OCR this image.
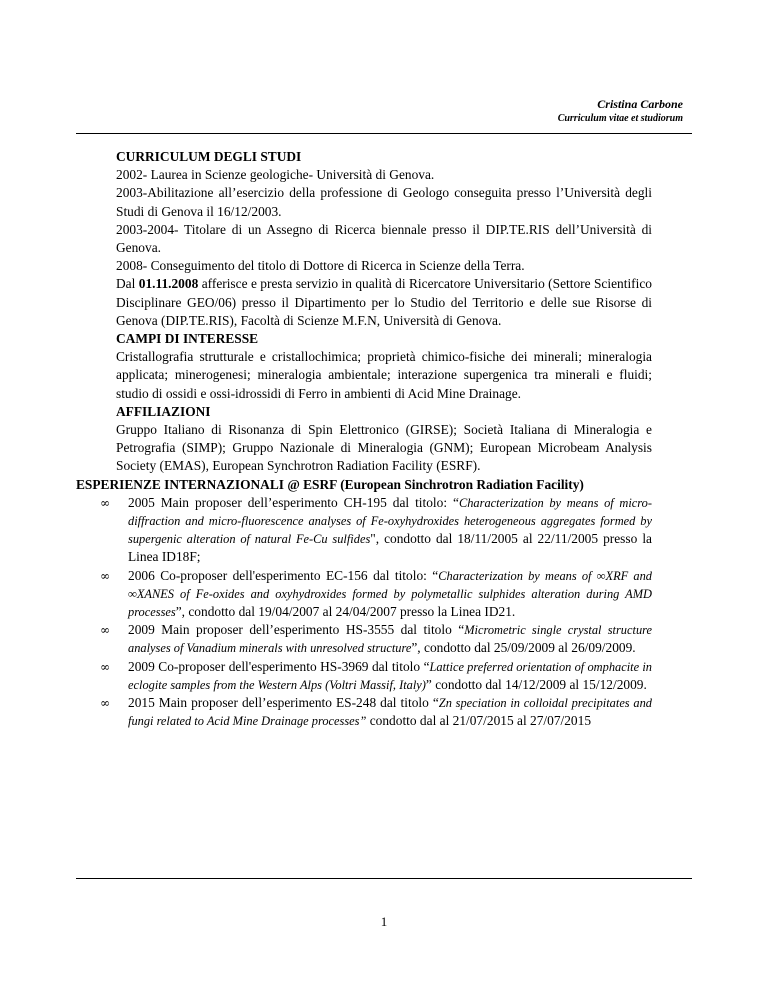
Cristina Carbone
Curriculum vitae et studiorum

CURRICULUM DEGLI STUDI

2002- Laurea in Scienze geologiche- Università di Genova.

2003-Abilitazione all’esercizio della professione di Geologo conseguita presso l’Università degli Studi di Genova il 16/12/2003.

2003-2004- Titolare di un Assegno di Ricerca biennale presso il DIP.TE.RIS dell’Università di Genova.

2008- Conseguimento del titolo di Dottore di Ricerca in Scienze della Terra.

Dal 01.11.2008 afferisce e presta servizio in qualità di Ricercatore Universitario (Settore Scientifico Disciplinare GEO/06) presso il Dipartimento per lo Studio del Territorio e delle sue Risorse di Genova (DIP.TE.RIS), Facoltà di Scienze M.F.N, Università di Genova.

CAMPI DI INTERESSE

Cristallografia strutturale e cristallochimica; proprietà chimico-fisiche dei minerali; mineralogia applicata; minerogenesi; mineralogia ambientale; interazione supergenica tra minerali e fluidi; studio di ossidi e ossi-idrossidi di Ferro in ambienti di Acid Mine Drainage.

AFFILIAZIONI

Gruppo Italiano di Risonanza di Spin Elettronico (GIRSE); Società Italiana di Mineralogia e Petrografia (SIMP); Gruppo Nazionale di Mineralogia (GNM); European Microbeam Analysis Society (EMAS), European Synchrotron Radiation Facility (ESRF).

ESPERIENZE INTERNAZIONALI @ ESRF (European Sinchrotron Radiation Facility)

∞ 2005 Main proposer dell’esperimento CH-195 dal titolo: “Characterization by means of micro-diffraction and micro-fluorescence analyses of Fe-oxyhydroxides heterogeneous aggregates formed by supergenic alteration of natural Fe-Cu sulfides", condotto dal 18/11/2005 al 22/11/2005 presso la Linea ID18F;
∞ 2006 Co-proposer dell'esperimento EC-156 dal titolo: “Characterization by means of ∞XRF and ∞XANES of Fe-oxides and oxyhydroxides formed by polymetallic sulphides alteration during AMD processes”, condotto dal 19/04/2007 al 24/04/2007 presso la Linea ID21.
∞ 2009 Main proposer dell’esperimento HS-3555 dal titolo “Micrometric single crystal structure analyses of Vanadium minerals with unresolved structure”, condotto dal 25/09/2009 al 26/09/2009.
∞ 2009 Co-proposer dell'esperimento HS-3969 dal titolo “Lattice preferred orientation of omphacite in eclogite samples from the Western Alps (Voltri Massif, Italy)” condotto dal 14/12/2009 al 15/12/2009.
∞ 2015 Main proposer dell’esperimento ES-248 dal titolo “Zn speciation in colloidal precipitates and fungi related to Acid Mine Drainage processes” condotto dal al 21/07/2015 al 27/07/2015
1
